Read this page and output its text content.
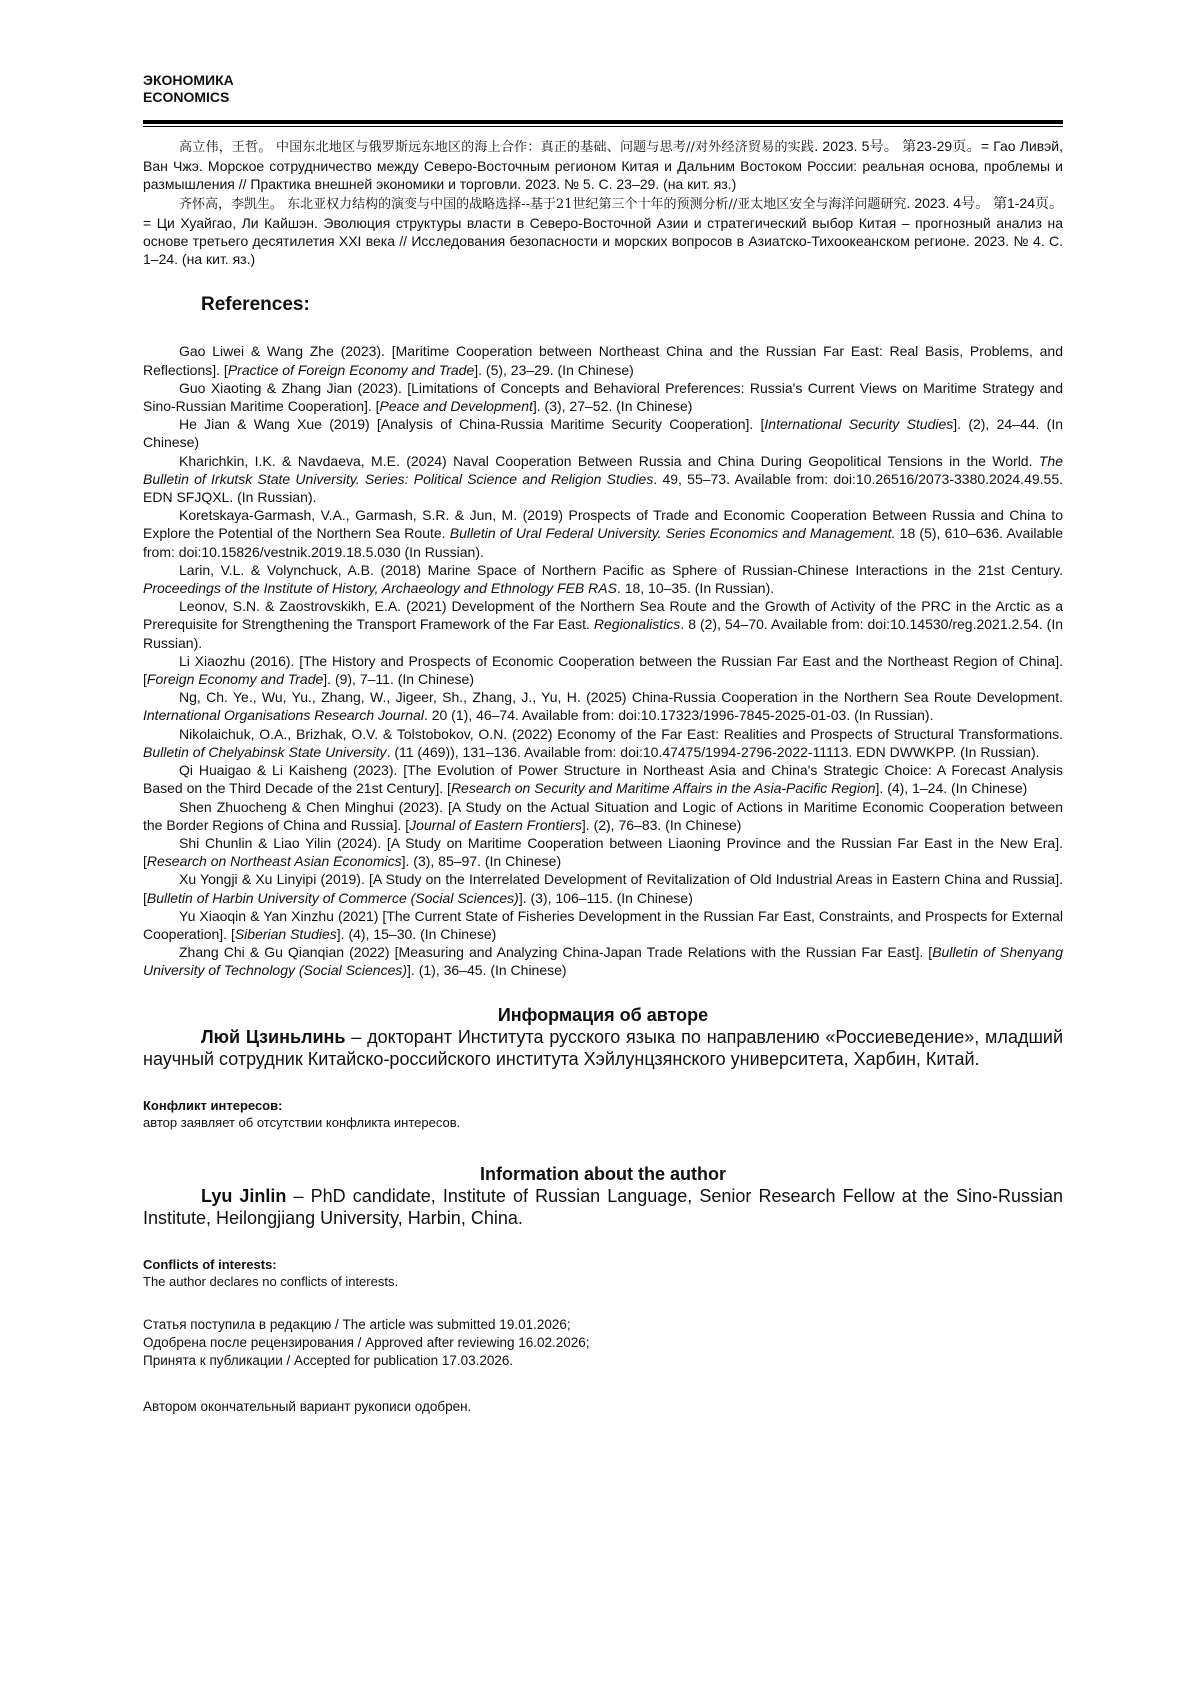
ЭКОНОМИКА
ECONOMICS

高立伟，王哲。 中国东北地区与俄罗斯远东地区的海上合作：真正的基础、问题与思考//对外经济贸易的实践. 2023. 5号。 第23-29页。= Гао Ливэй, Ван Чжэ. Морское сотрудничество между Северо-Восточным регионом Китая и Дальним Востоком России: реальная основа, проблемы и размышления // Практика внешней экономики и торговли. 2023. № 5. С. 23–29. (на кит. яз.)

齐怀高，李凯生。 东北亚权力结构的演变与中国的战略选择--基于21世纪第三个十年的预测分析//亚太地区安全与海洋问题研究. 2023. 4号。 第1-24页。= Ци Хуайгао, Ли Кайшэн. Эволюция структуры власти в Северо-Восточной Азии и стратегический выбор Китая – прогнозный анализ на основе третьего десятилетия XXI века // Исследования безопасности и морских вопросов в Азиатско-Тихоокеанском регионе. 2023. № 4. С. 1–24. (на кит. яз.)

References:

Gao Liwei & Wang Zhe (2023). [Maritime Cooperation between Northeast China and the Russian Far East: Real Basis, Problems, and Reflections]. [Practice of Foreign Economy and Trade]. (5), 23–29. (In Chinese)

Guo Xiaoting & Zhang Jian (2023). [Limitations of Concepts and Behavioral Preferences: Russia's Current Views on Maritime Strategy and Sino-Russian Maritime Cooperation]. [Peace and Development]. (3), 27–52. (In Chinese)

He Jian & Wang Xue (2019) [Analysis of China-Russia Maritime Security Cooperation]. [International Security Studies]. (2), 24–44. (In Chinese)

Kharichkin, I.K. & Navdaeva, M.E. (2024) Naval Cooperation Between Russia and China During Geopolitical Tensions in the World. The Bulletin of Irkutsk State University. Series: Political Science and Religion Studies. 49, 55–73. Available from: doi:10.26516/2073-3380.2024.49.55. EDN SFJQXL. (In Russian).

Koretskaya-Garmash, V.A., Garmash, S.R. & Jun, M. (2019) Prospects of Trade and Economic Cooperation Between Russia and China to Explore the Potential of the Northern Sea Route. Bulletin of Ural Federal University. Series Economics and Management. 18 (5), 610–636. Available from: doi:10.15826/vestnik.2019.18.5.030 (In Russian).

Larin, V.L. & Volynchuck, A.B. (2018) Marine Space of Northern Pacific as Sphere of Russian-Chinese Interactions in the 21st Century. Proceedings of the Institute of History, Archaeology and Ethnology FEB RAS. 18, 10–35. (In Russian).

Leonov, S.N. & Zaostrovskikh, E.A. (2021) Development of the Northern Sea Route and the Growth of Activity of the PRC in the Arctic as a Prerequisite for Strengthening the Transport Framework of the Far East. Regionalistics. 8 (2), 54–70. Available from: doi:10.14530/reg.2021.2.54. (In Russian).

Li Xiaozhu (2016). [The History and Prospects of Economic Cooperation between the Russian Far East and the Northeast Region of China]. [Foreign Economy and Trade]. (9), 7–11. (In Chinese)

Ng, Ch. Ye., Wu, Yu., Zhang, W., Jigeer, Sh., Zhang, J., Yu, H. (2025) China-Russia Cooperation in the Northern Sea Route Development. International Organisations Research Journal. 20 (1), 46–74. Available from: doi:10.17323/1996-7845-2025-01-03. (In Russian).

Nikolaichuk, O.A., Brizhak, O.V. & Tolstobokov, O.N. (2022) Economy of the Far East: Realities and Prospects of Structural Transformations. Bulletin of Chelyabinsk State University. (11 (469)), 131–136. Available from: doi:10.47475/1994-2796-2022-11113. EDN DWWKPP. (In Russian).

Qi Huaigao & Li Kaisheng (2023). [The Evolution of Power Structure in Northeast Asia and China's Strategic Choice: A Forecast Analysis Based on the Third Decade of the 21st Century]. [Research on Security and Maritime Affairs in the Asia-Pacific Region]. (4), 1–24. (In Chinese)

Shen Zhuocheng & Chen Minghui (2023). [A Study on the Actual Situation and Logic of Actions in Maritime Economic Cooperation between the Border Regions of China and Russia]. [Journal of Eastern Frontiers]. (2), 76–83. (In Chinese)

Shi Chunlin & Liao Yilin (2024). [A Study on Maritime Cooperation between Liaoning Province and the Russian Far East in the New Era]. [Research on Northeast Asian Economics]. (3), 85–97. (In Chinese)

Xu Yongji & Xu Linyipi (2019). [A Study on the Interrelated Development of Revitalization of Old Industrial Areas in Eastern China and Russia]. [Bulletin of Harbin University of Commerce (Social Sciences)]. (3), 106–115. (In Chinese)

Yu Xiaoqin & Yan Xinzhu (2021) [The Current State of Fisheries Development in the Russian Far East, Constraints, and Prospects for External Cooperation]. [Siberian Studies]. (4), 15–30. (In Chinese)

Zhang Chi & Gu Qianqian (2022) [Measuring and Analyzing China-Japan Trade Relations with the Russian Far East]. [Bulletin of Shenyang University of Technology (Social Sciences)]. (1), 36–45. (In Chinese)

Информация об авторе

Люй Цзиньлинь – докторант Института русского языка по направлению «Россиеведение», младший научный сотрудник Китайско-российского института Хэйлунцзянского университета, Харбин, Китай.

Конфликт интересов:
автор заявляет об отсутствии конфликта интересов.
Information about the author

Lyu Jinlin – PhD candidate, Institute of Russian Language, Senior Research Fellow at the Sino-Russian Institute, Heilongjiang University, Harbin, China.

Conflicts of interests:
The author declares no conflicts of interests.
Статья поступила в редакцию / The article was submitted 19.01.2026;
Одобрена после рецензирования / Approved after reviewing 16.02.2026;
Принята к публикации / Accepted for publication 17.03.2026.
Автором окончательный вариант рукописи одобрен.
